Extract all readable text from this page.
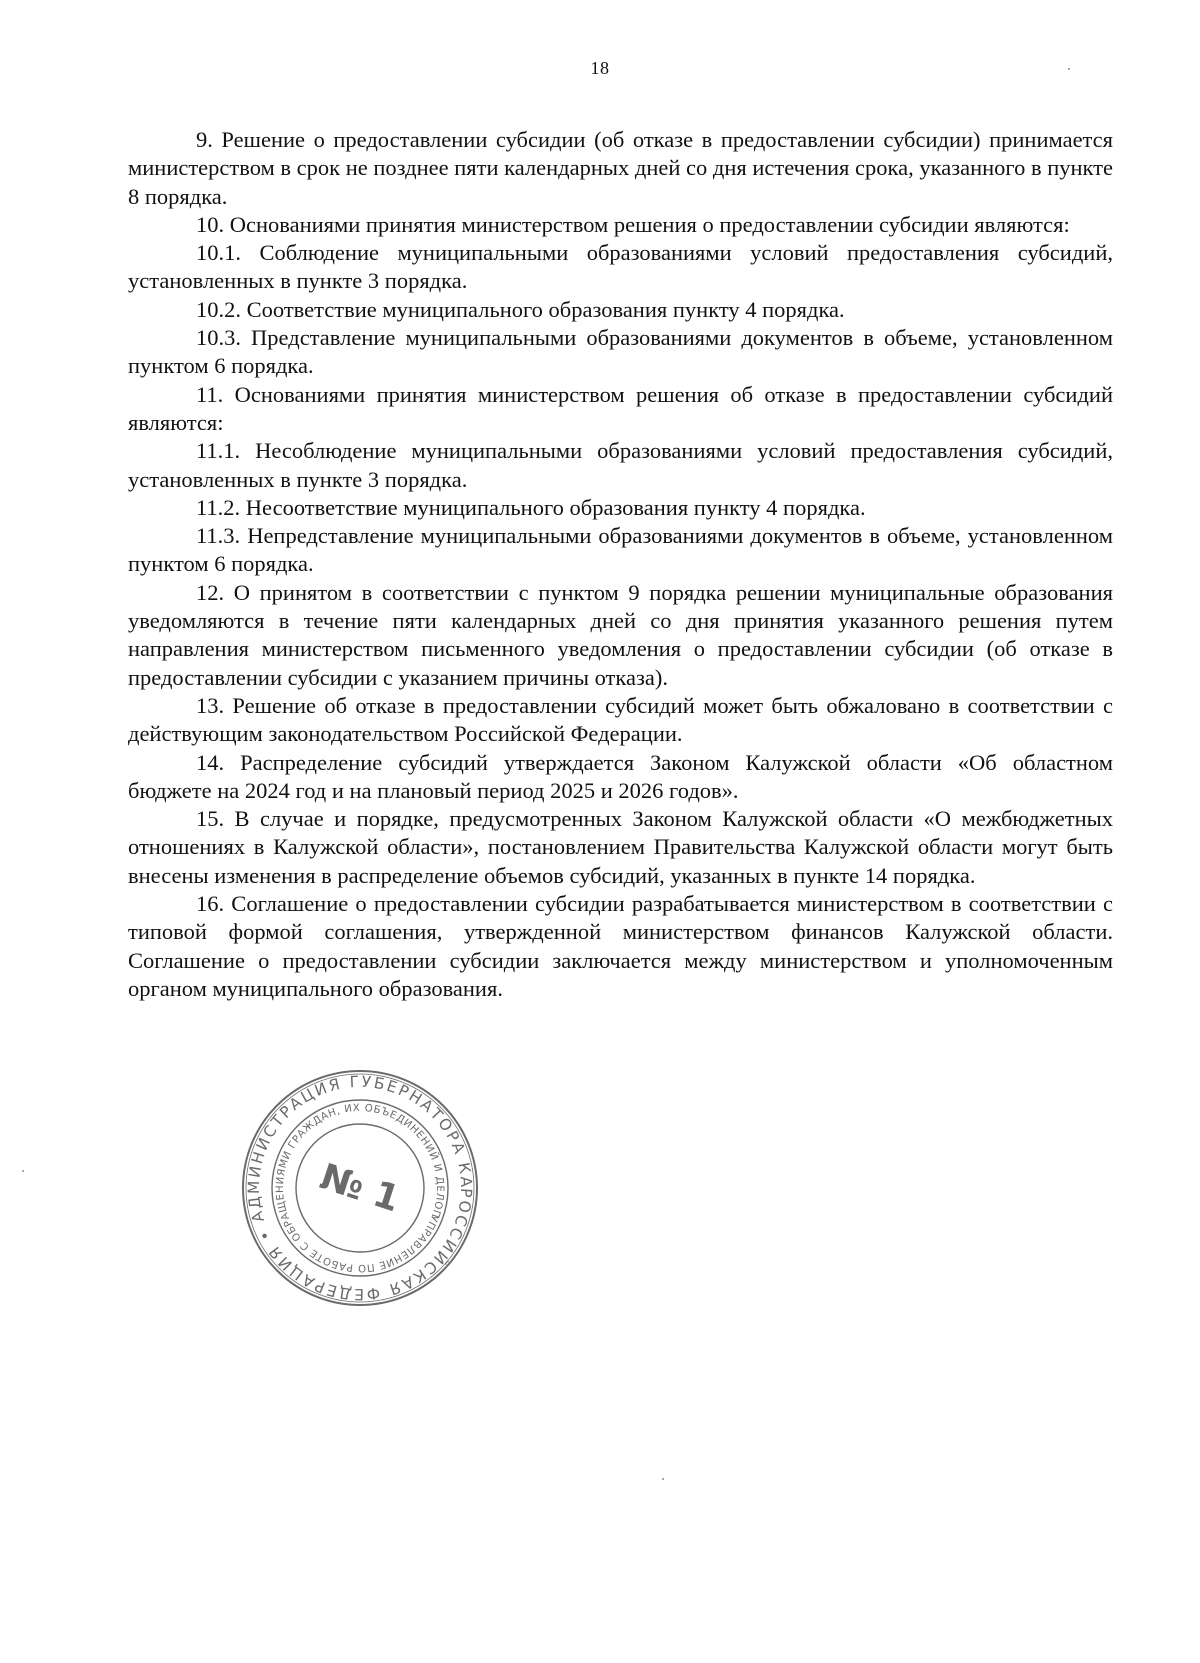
18

9. Решение о предоставлении субсидии (об отказе в предоставлении субсидии) принимается министерством в срок не позднее пяти календарных дней со дня истечения срока, указанного в пункте 8 порядка.

10. Основаниями принятия министерством решения о предоставлении субсидии являются:

10.1. Соблюдение муниципальными образованиями условий предоставления субсидий, установленных в пункте 3 порядка.

10.2. Соответствие муниципального образования пункту 4 порядка.

10.3. Представление муниципальными образованиями документов в объеме, установленном пунктом 6 порядка.

11. Основаниями принятия министерством решения об отказе в предоставлении субсидий являются:

11.1. Несоблюдение муниципальными образованиями условий предоставления субсидий, установленных в пункте 3 порядка.

11.2. Несоответствие муниципального образования пункту 4 порядка.

11.3. Непредставление муниципальными образованиями документов в объеме, установленном пунктом 6 порядка.

12. О принятом в соответствии с пунктом 9 порядка решении муниципальные образования уведомляются в течение пяти календарных дней со дня принятия указанного решения путем направления министерством письменного уведомления о предоставлении субсидии (об отказе в предоставлении субсидии с указанием причины отказа).

13. Решение об отказе в предоставлении субсидий может быть обжаловано в соответствии с действующим законодательством Российской Федерации.

14. Распределение субсидий утверждается Законом Калужской области «Об областном бюджете на 2024 год и на плановый период 2025 и 2026 годов».

15. В случае и порядке, предусмотренных Законом Калужской области «О межбюджетных отношениях в Калужской области», постановлением Правительства Калужской области могут быть внесены изменения в распределение объемов субсидий, указанных в пункте 14 порядка.

16. Соглашение о предоставлении субсидии разрабатывается министерством в соответствии с типовой формой соглашения, утвержденной министерством финансов Калужской области. Соглашение о предоставлении субсидии заключается между министерством и уполномоченным органом муниципального образования.

РОССИЙСКАЯ ФЕДЕРАЦИЯ • АДМИНИСТРАЦИЯ ГУБЕРНАТОРА КА
УПРАВЛЕНИЕ ПО РАБОТЕ С ОБРАЩЕНИЯМИ ГРАЖДАН, ИХ ОБЪЕДИНЕНИЙ И ДЕЛОПРОИЗВОДСТВУ
№ 1
